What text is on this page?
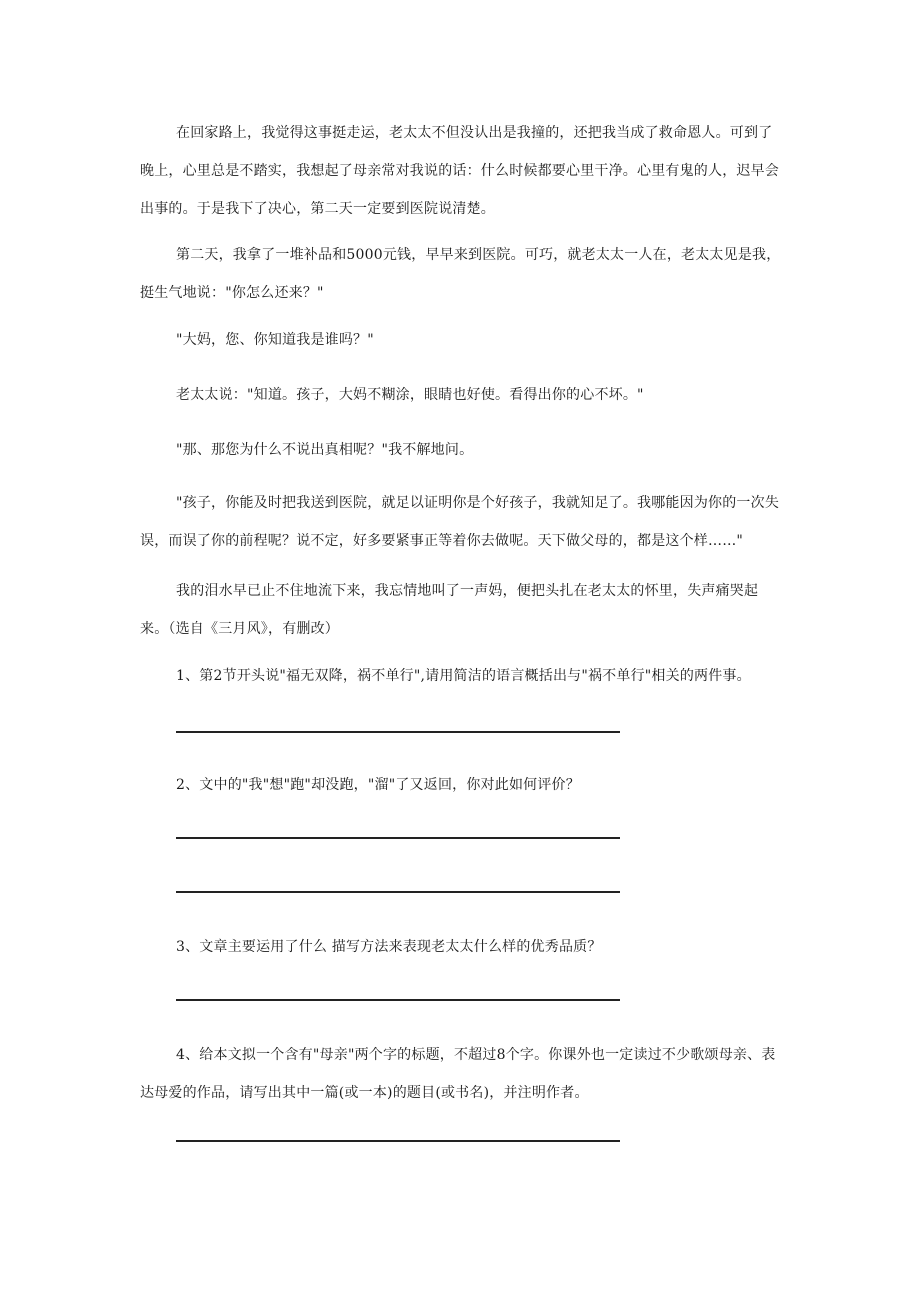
在回家路上，我觉得这事挺走运，老太太不但没认出是我撞的，还把我当成了救命恩人。可到了晚上，心里总是不踏实，我想起了母亲常对我说的话：什么时候都要心里干净。心里有鬼的人，迟早会出事的。于是我下了决心，第二天一定要到医院说清楚。

第二天，我拿了一堆补品和5000元钱，早早来到医院。可巧，就老太太一人在，老太太见是我，挺生气地说："你怎么还来？"

"大妈，您、你知道我是谁吗？"

老太太说："知道。孩子，大妈不糊涂，眼睛也好使。看得出你的心不坏。"

"那、那您为什么不说出真相呢？"我不解地问。

"孩子，你能及时把我送到医院，就足以证明你是个好孩子，我就知足了。我哪能因为你的一次失误，而误了你的前程呢？说不定，好多要紧事正等着你去做呢。天下做父母的，都是这个样……"

我的泪水早已止不住地流下来，我忘情地叫了一声妈，便把头扎在老太太的怀里，失声痛哭起来。（选自《三月风》，有删改）

1、第2节开头说"福无双降，祸不单行",请用简洁的语言概括出与"祸不单行"相关的两件事。

2、文中的"我"想"跑"却没跑，"溜"了又返回，你对此如何评价？

3、文章主要运用了什么 描写方法来表现老太太什么样的优秀品质？

4、给本文拟一个含有"母亲"两个字的标题，不超过8个字。你课外也一定读过不少歌颂母亲、表达母爱的作品，请写出其中一篇(或一本)的题目(或书名)，并注明作者。
